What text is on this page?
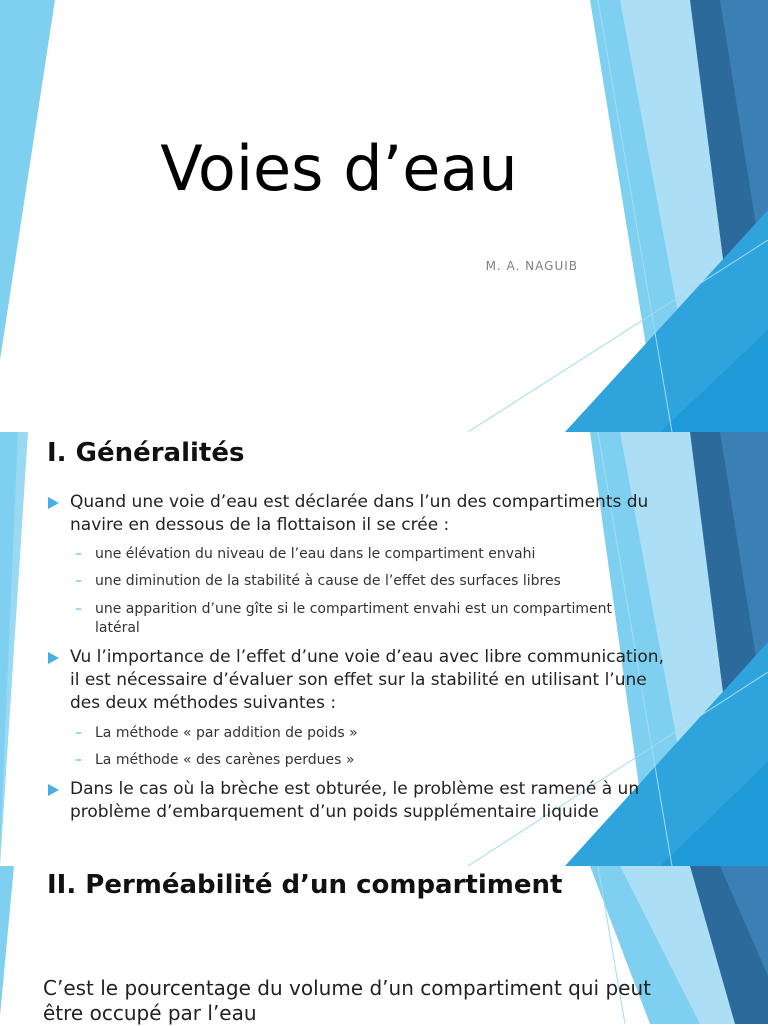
Voies d’eau
M. A. NAGUIB
I. Généralités

Quand une voie d’eau est déclarée dans l’un des compartiments du navire en dessous de la flottaison il se crée :

– une élévation du niveau de l’eau dans le compartiment envahi

– une diminution de la stabilité à cause de l’effet des surfaces libres

– une apparition d’une gîte si le compartiment envahi est un compartiment latéral

Vu l’importance de l’effet d’une voie d’eau avec libre communication, il est nécessaire d’évaluer son effet sur la stabilité en utilisant l’une des deux méthodes suivantes :

– La méthode « par addition de poids »

– La méthode « des carènes perdues »

Dans le cas où la brèche est obturée, le problème est ramené à un problème d’embarquement d’un poids supplémentaire liquide

II. Perméabilité d’un compartiment
C’est le pourcentage du volume d’un compartiment qui peut être occupé par l’eau
